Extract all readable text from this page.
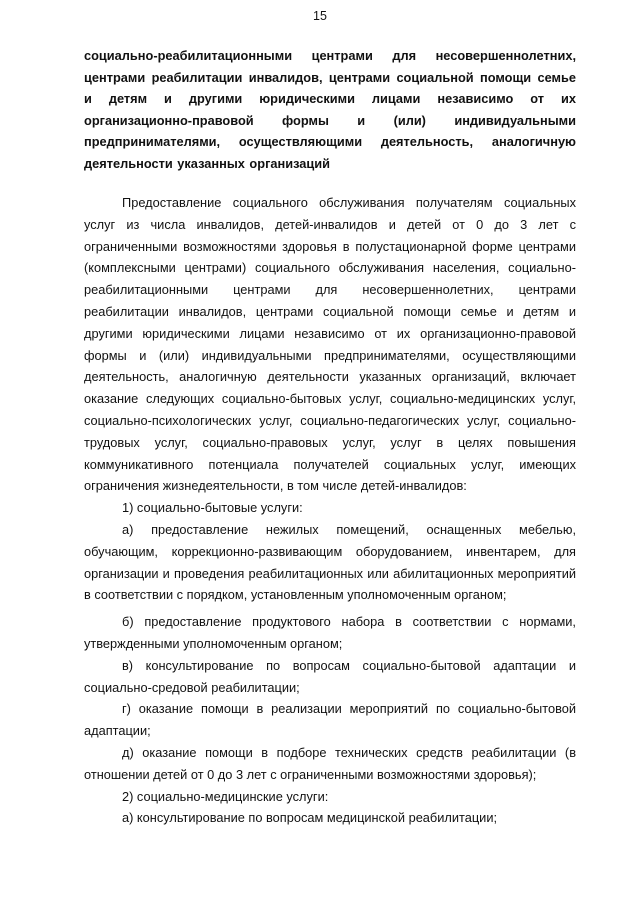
15
социально-реабилитационными центрами для несовершеннолетних, центрами реабилитации инвалидов, центрами социальной помощи семье и детям и другими юридическими лицами независимо от их организационно-правовой формы и (или) индивидуальными предпринимателями, осуществляющими деятельность, аналогичную деятельности указанных организаций

Предоставление социального обслуживания получателям социальных услуг из числа инвалидов, детей-инвалидов и детей от 0 до 3 лет с ограниченными возможностями здоровья в полустационарной форме центрами (комплексными центрами) социального обслуживания населения, социально-реабилитационными центрами для несовершеннолетних, центрами реабилитации инвалидов, центрами социальной помощи семье и детям и другими юридическими лицами независимо от их организационно-правовой формы и (или) индивидуальными предпринимателями, осуществляющими деятельность, аналогичную деятельности указанных организаций, включает оказание следующих социально-бытовых услуг, социально-медицинских услуг, социально-психологических услуг, социально-педагогических услуг, социально-трудовых услуг, социально-правовых услуг, услуг в целях повышения коммуникативного потенциала получателей социальных услуг, имеющих ограничения жизнедеятельности, в том числе детей-инвалидов:

1) социально-бытовые услуги:

а) предоставление нежилых помещений, оснащенных мебелью, обучающим, коррекционно-развивающим оборудованием, инвентарем, для организации и проведения реабилитационных или абилитационных мероприятий в соответствии с порядком, установленным уполномоченным органом;

б) предоставление продуктового набора в соответствии с нормами, утвержденными уполномоченным органом;

в) консультирование по вопросам социально-бытовой адаптации и социально-средовой реабилитации;

г) оказание помощи в реализации мероприятий по социально-бытовой адаптации;

д) оказание помощи в подборе технических средств реабилитации (в отношении детей от 0 до 3 лет с ограниченными возможностями здоровья);

2) социально-медицинские услуги:

а) консультирование по вопросам медицинской реабилитации;
